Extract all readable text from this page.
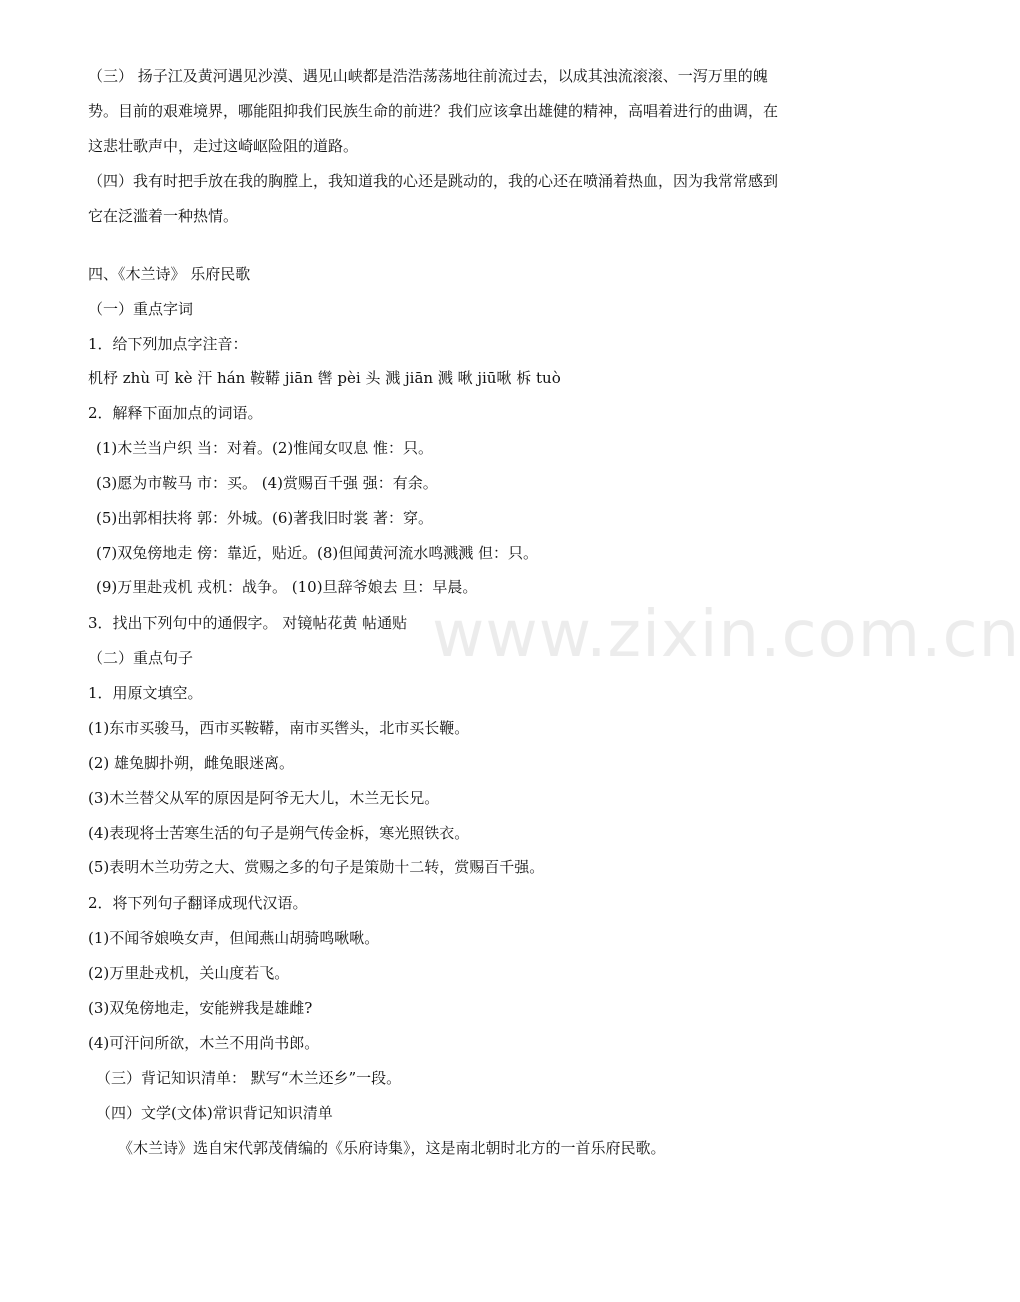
www.zixin.com.cn
（三） 扬子江及黄河遇见沙漠、遇见山峡都是浩浩荡荡地往前流过去，以成其浊流滚滚、一泻万里的魄
势。目前的艰难境界，哪能阻抑我们民族生命的前进？我们应该拿出雄健的精神，高唱着进行的曲调，在
这悲壮歌声中，走过这崎岖险阻的道路。
（四）我有时把手放在我的胸膛上，我知道我的心还是跳动的，我的心还在喷涌着热血，因为我常常感到
它在泛滥着一种热情。
四、《木兰诗》 乐府民歌
（一）重点字词
1．给下列加点字注音：
机杼 zhù 可 kè 汗 hán 鞍鞯 jiān 辔 pèi 头 溅 jiān 溅 啾 jiū啾 柝 tuò
2．解释下面加点的词语。
(1)木兰当户织 当：对着。(2)惟闻女叹息 惟：只。
(3)愿为市鞍马 市：买。 (4)赏赐百千强 强：有余。
(5)出郭相扶将 郭：外城。(6)著我旧时裳 著：穿。
(7)双兔傍地走 傍：靠近，贴近。(8)但闻黄河流水鸣溅溅 但：只。
(9)万里赴戎机 戎机：战争。 (10)旦辞爷娘去 旦：早晨。
3．找出下列句中的通假字。 对镜帖花黄 帖通贴
（二）重点句子
1．用原文填空。
(1)东市买骏马，西市买鞍鞯，南市买辔头，北市买长鞭。
(2) 雄兔脚扑朔，雌兔眼迷离。
(3)木兰替父从军的原因是阿爷无大儿，木兰无长兄。
(4)表现将士苦寒生活的句子是朔气传金柝，寒光照铁衣。
(5)表明木兰功劳之大、赏赐之多的句子是策勋十二转，赏赐百千强。
2．将下列句子翻译成现代汉语。
(1)不闻爷娘唤女声，但闻燕山胡骑鸣啾啾。
(2)万里赴戎机，关山度若飞。
(3)双兔傍地走，安能辨我是雄雌?
(4)可汗问所欲，木兰不用尚书郎。
（三）背记知识清单： 默写“木兰还乡”一段。
（四）文学(文体)常识背记知识清单
《木兰诗》选自宋代郭茂倩编的《乐府诗集》，这是南北朝时北方的一首乐府民歌。
